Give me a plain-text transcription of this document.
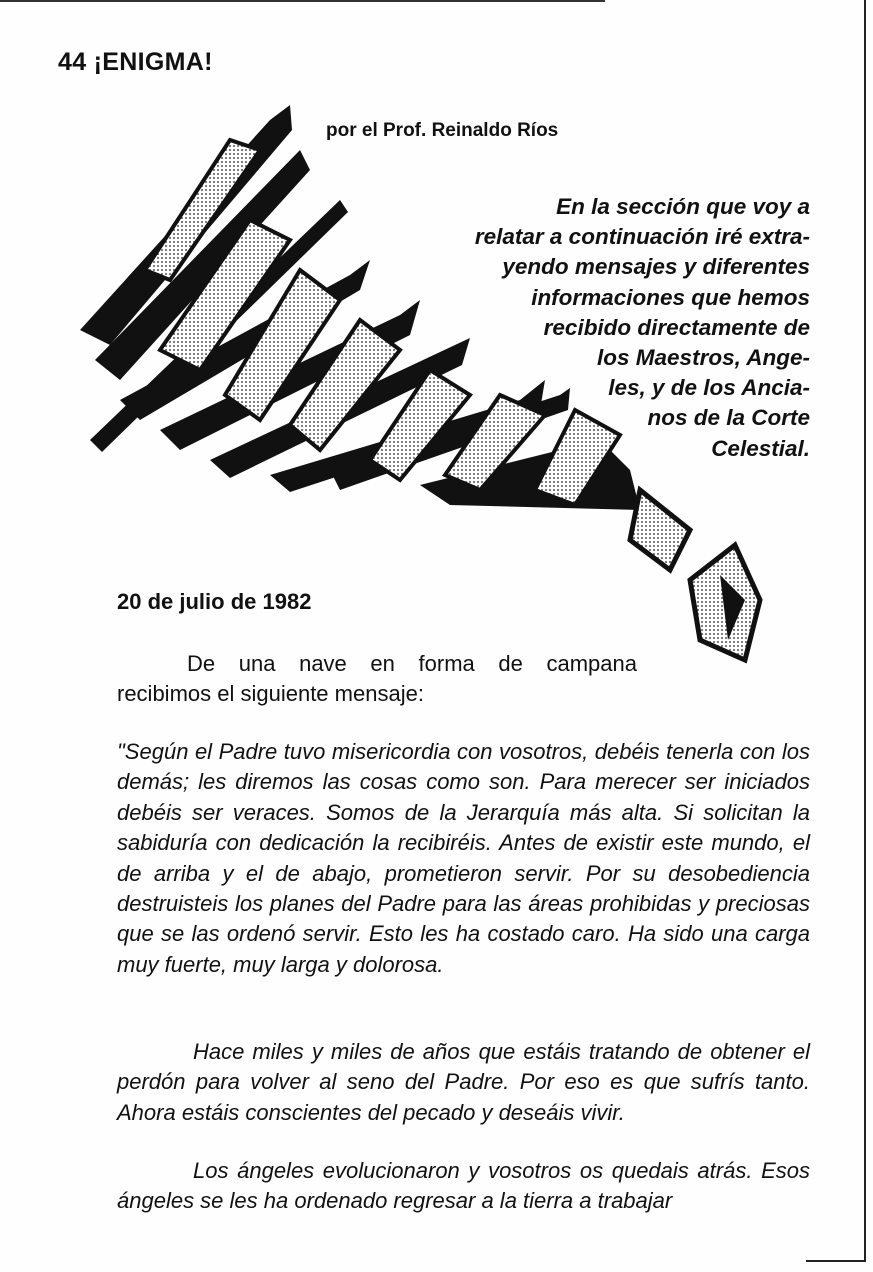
44 ¡ENIGMA!
por el Prof. Reinaldo Ríos
En la sección que voy a
relatar a continuación iré extra-
yendo mensajes y diferentes
informaciones que hemos
recibido directamente de
los Maestros, Ange-
les, y de los Ancia-
nos de la Corte
Celestial.
20 de julio de 1982
De una nave en forma de campana
recibimos el siguiente mensaje:
"Según el Padre tuvo misericordia con vosotros, debéis tenerla con los demás; les diremos las cosas como son. Para merecer ser iniciados debéis ser veraces. Somos de la Jerarquía más alta. Si solicitan la sabiduría con dedicación la recibiréis. Antes de existir este mundo, el de arriba y el de abajo, prometieron servir. Por su desobediencia destruisteis los planes del Padre para las áreas prohibidas y preciosas que se las ordenó servir. Esto les ha costado caro. Ha sido una carga muy fuerte, muy larga y dolorosa.
Hace miles y miles de años que estáis tratando de obtener el perdón para volver al seno del Padre. Por eso es que sufrís tanto. Ahora estáis conscientes del pecado y deseáis vivir.
Los ángeles evolucionaron y vosotros os quedais atrás. Esos ángeles se les ha ordenado regresar a la tierra a trabajar
